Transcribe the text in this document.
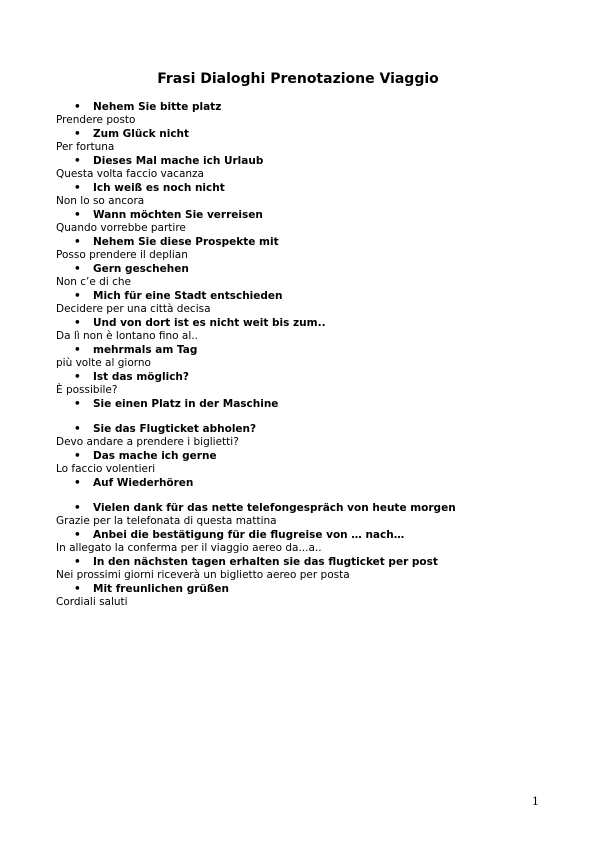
Frasi Dialoghi Prenotazione Viaggio
• Nehem Sie bitte platz
Prendere posto
• Zum Glück nicht
Per fortuna
• Dieses Mal mache ich Urlaub
Questa volta faccio vacanza
• Ich weiß es noch nicht
Non lo so ancora
• Wann möchten Sie verreisen
Quando vorrebbe partire
• Nehem Sie diese Prospekte mit
Posso prendere il deplian
• Gern geschehen
Non c’e di che
• Mich für eine Stadt entschieden
Decidere per una città decisa
• Und von dort ist es nicht weit bis zum..
Da lì non è lontano fino al..
• mehrmals am Tag
più volte al giorno
• Ist das möglich?
È possibile?
• Sie einen Platz in der Maschine
• Sie das Flugticket abholen?
Devo andare a prendere i biglietti?
• Das mache ich gerne
Lo faccio volentieri
• Auf Wiederhören
• Vielen dank für das nette telefongespräch von heute morgen
Grazie per la telefonata di questa mattina
• Anbei die bestätigung für die flugreise von … nach…
In allegato la conferma per il viaggio aereo da...a..
• In den nächsten tagen erhalten sie das flugticket per post
Nei prossimi giorni riceverà un biglietto aereo per posta
• Mit freunlichen grüßen
Cordiali saluti
1
